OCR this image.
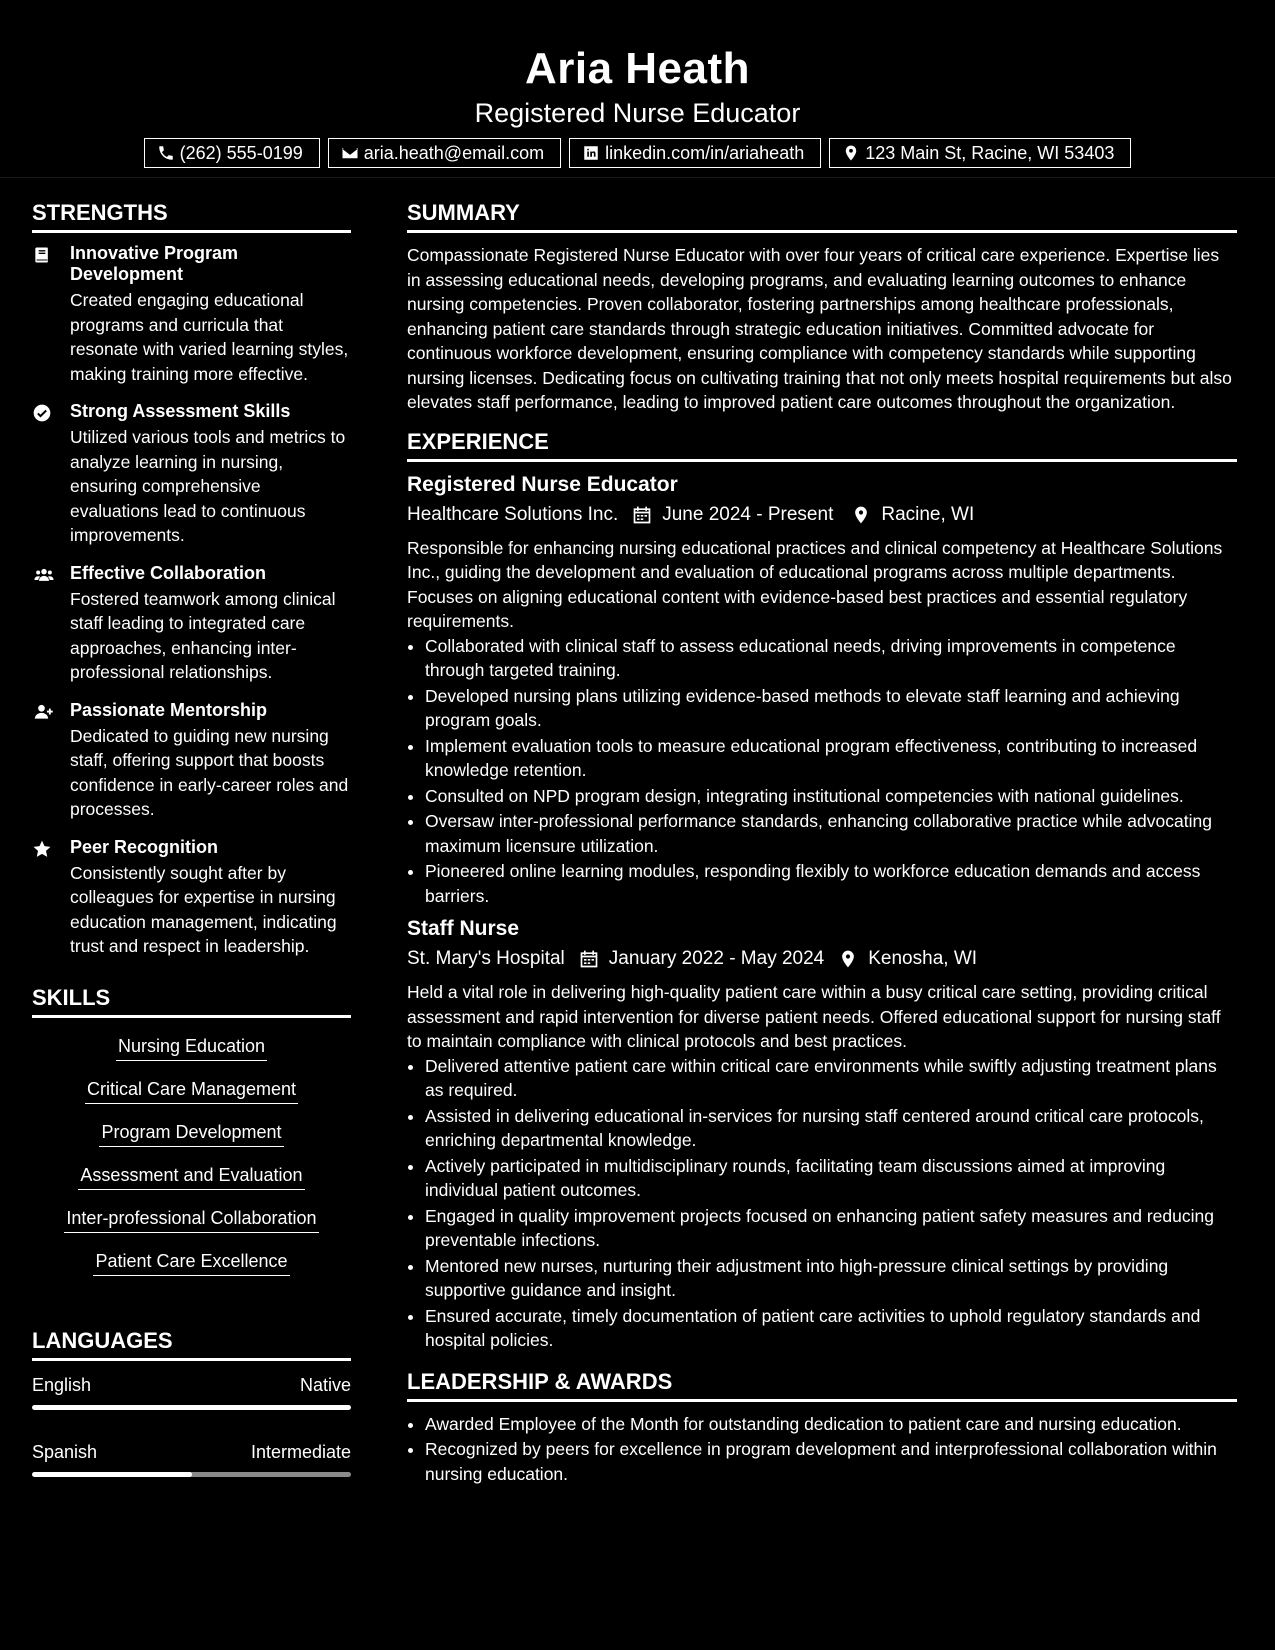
Aria Heath
Registered Nurse Educator
(262) 555-0199	aria.heath@email.com	linkedin.com/in/ariaheath	123 Main St, Racine, WI 53403
STRENGTHS
Innovative Program Development

Created engaging educational programs and curricula that resonate with varied learning styles, making training more effective.

Strong Assessment Skills

Utilized various tools and metrics to analyze learning in nursing, ensuring comprehensive evaluations lead to continuous improvements.

Effective Collaboration

Fostered teamwork among clinical staff leading to integrated care approaches, enhancing inter-professional relationships.

Passionate Mentorship

Dedicated to guiding new nursing staff, offering support that boosts confidence in early-career roles and processes.

Peer Recognition

Consistently sought after by colleagues for expertise in nursing education management, indicating trust and respect in leadership.

SKILLS
Nursing Education
Critical Care Management
Program Development
Assessment and Evaluation
Inter-professional Collaboration
Patient Care Excellence
LANGUAGES
English	Native
Spanish	Intermediate
SUMMARY

Compassionate Registered Nurse Educator with over four years of critical care experience. Expertise lies in assessing educational needs, developing programs, and evaluating learning outcomes to enhance nursing competencies. Proven collaborator, fostering partnerships among healthcare professionals, enhancing patient care standards through strategic education initiatives. Committed advocate for continuous workforce development, ensuring compliance with competency standards while supporting nursing licenses. Dedicating focus on cultivating training that not only meets hospital requirements but also elevates staff performance, leading to improved patient care outcomes throughout the organization.

EXPERIENCE
Registered Nurse Educator
Healthcare Solutions Inc. June 2024 - Present	Racine, WI

Responsible for enhancing nursing educational practices and clinical competency at Healthcare Solutions Inc., guiding the development and evaluation of educational programs across multiple departments. Focuses on aligning educational content with evidence-based best practices and essential regulatory requirements.

• Collaborated with clinical staff to assess educational needs, driving improvements in competence through targeted training.
• Developed nursing plans utilizing evidence-based methods to elevate staff learning and achieving program goals.
• Implement evaluation tools to measure educational program effectiveness, contributing to increased knowledge retention.
• Consulted on NPD program design, integrating institutional competencies with national guidelines.
• Oversaw inter-professional performance standards, enhancing collaborative practice while advocating maximum licensure utilization.
• Pioneered online learning modules, responding flexibly to workforce education demands and access barriers.
Staff Nurse
St. Mary's Hospital January 2022 - May 2024 Kenosha, WI

Held a vital role in delivering high-quality patient care within a busy critical care setting, providing critical assessment and rapid intervention for diverse patient needs. Offered educational support for nursing staff to maintain compliance with clinical protocols and best practices.

• Delivered attentive patient care within critical care environments while swiftly adjusting treatment plans as required.
• Assisted in delivering educational in-services for nursing staff centered around critical care protocols, enriching departmental knowledge.
• Actively participated in multidisciplinary rounds, facilitating team discussions aimed at improving individual patient outcomes.
• Engaged in quality improvement projects focused on enhancing patient safety measures and reducing preventable infections.
• Mentored new nurses, nurturing their adjustment into high-pressure clinical settings by providing supportive guidance and insight.
• Ensured accurate, timely documentation of patient care activities to uphold regulatory standards and hospital policies.
LEADERSHIP & AWARDS
• Awarded Employee of the Month for outstanding dedication to patient care and nursing education.
• Recognized by peers for excellence in program development and interprofessional collaboration within nursing education.
